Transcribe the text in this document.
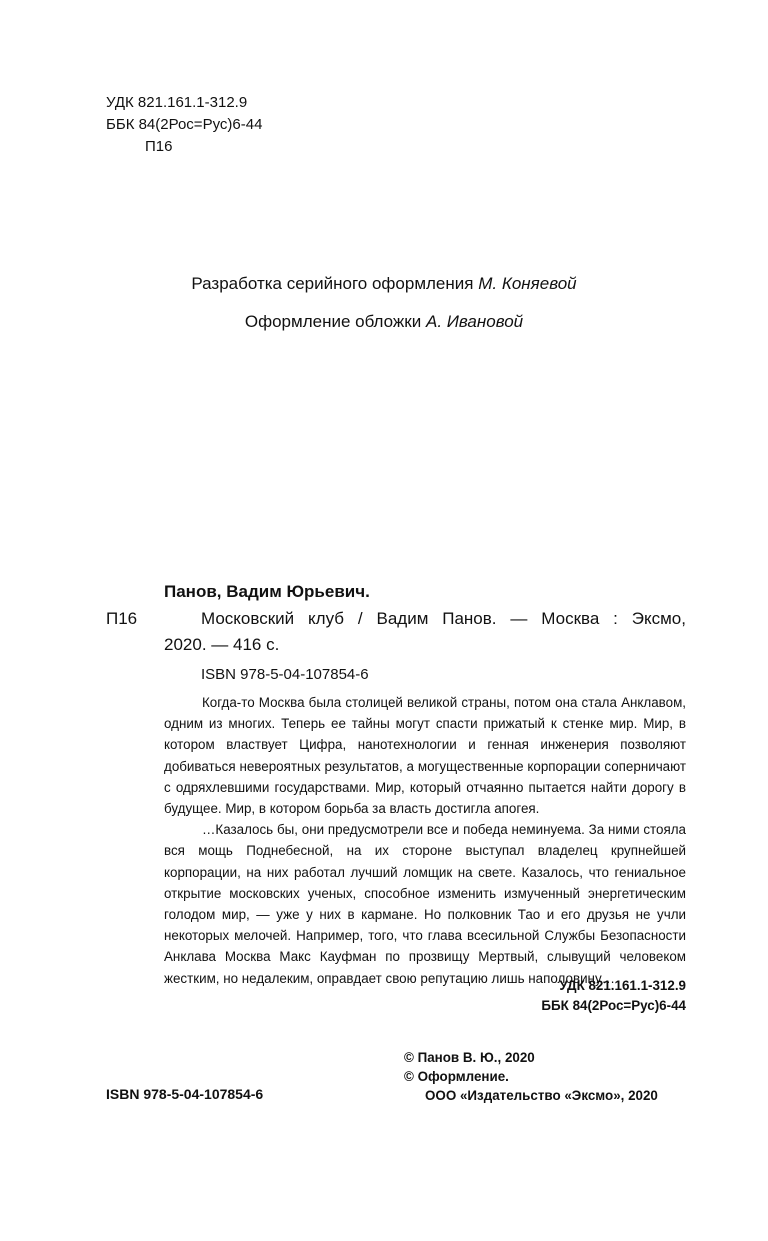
УДК 821.161.1-312.9
ББК 84(2Рос=Рус)6-44
П16
Разработка серийного оформления М. Коняевой
Оформление обложки А. Ивановой
Панов, Вадим Юрьевич.
П16	Московский клуб / Вадим Панов. — Москва : Эксмо,
2020. — 416 с.
ISBN 978-5-04-107854-6

Когда-то Москва была столицей великой страны, потом она стала Анклавом, одним из многих. Теперь ее тайны могут спасти прижатый к стенке мир. Мир, в котором властвует Цифра, нанотехнологии и генная инженерия позволяют добиваться невероятных результатов, а могущественные корпорации соперничают с одряхлевшими государствами. Мир, который отчаянно пытается найти дорогу в будущее. Мир, в котором борьба за власть достигла апогея.

…Казалось бы, они предусмотрели все и победа неминуема. За ними стояла вся мощь Поднебесной, на их стороне выступал владелец крупнейшей корпорации, на них работал лучший ломщик на свете. Казалось, что гениальное открытие московских ученых, способное изменить измученный энергетическим голодом мир, — уже у них в кармане. Но полковник Тао и его друзья не учли некоторых мелочей. Например, того, что глава всесильной Службы Безопасности Анклава Москва Макс Кауфман по прозвищу Мертвый, слывущий человеком жестким, но недалеким, оправдает свою репутацию лишь наполовину…

УДК 821.161.1-312.9
ББК 84(2Рос=Рус)6-44
ISBN 978-5-04-107854-6
© Панов В. Ю., 2020
© Оформление.
ООО «Издательство «Эксмо», 2020
